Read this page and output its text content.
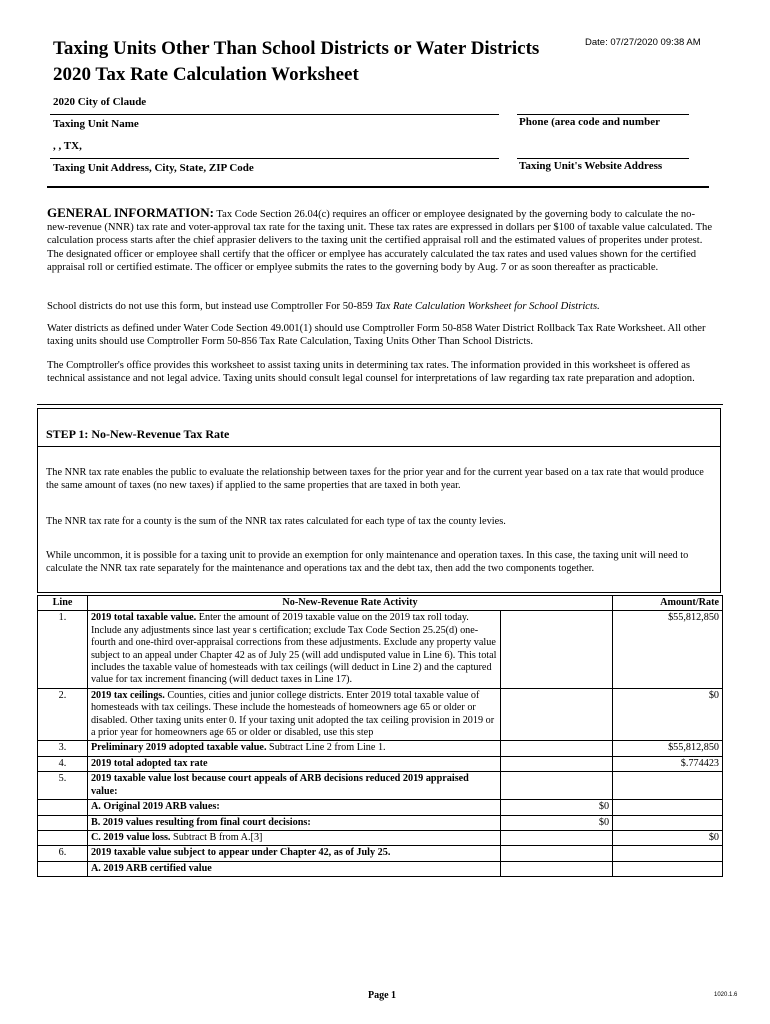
Taxing Units Other Than School Districts or Water Districts
2020 Tax Rate Calculation Worksheet
Date: 07/27/2020 09:38 AM
2020 City of Claude
Taxing Unit Name	Phone (area code and number
, , TX,
Taxing Unit Address, City, State, ZIP Code	Taxing Unit's Website Address
GENERAL INFORMATION: Tax Code Section 26.04(c) requires an officer or employee designated by the governing body to calculate the no-new-revenue (NNR) tax rate and voter-approval tax rate for the taxing unit. These tax rates are expressed in dollars per $100 of taxable value calculated. The calculation process starts after the chief apprasier delivers to the taxing unit the certified appraisal roll and the estimated values of properites under protest. The designated officer or employee shall certify that the officer or emplyee has accurately calculated the tax rates and used values shown for the certified appraisal roll or certified estimate. The officer or emplyee submits the rates to the governing body by Aug. 7 or as soon thereafter as practicable.
School districts do not use this form, but instead use Comptroller For 50-859 Tax Rate Calculation Worksheet for School Districts.
Water districts as defined under Water Code Section 49.001(1) should use Comptroller Form 50-858 Water District Rollback Tax Rate Worksheet. All other taxing units should use Comptroller Form 50-856 Tax Rate Calculation, Taxing Units Other Than School Districts.
The Comptroller's office provides this worksheet to assist taxing units in determining tax rates. The information provided in this worksheet is offered as technical assistance and not legal advice. Taxing units should consult legal counsel for interpretations of law regarding tax rate preparation and adoption.
STEP 1: No-New-Revenue Tax Rate
The NNR tax rate enables the public to evaluate the relationship between taxes for the prior year and for the current year based on a tax rate that would produce the same amount of taxes (no new taxes) if applied to the same properties that are taxed in both year.
The NNR tax rate for a county is the sum of the NNR tax rates calculated for each type of tax the county levies.
While uncommon, it is possible for a taxing unit to provide an exemption for only maintenance and operation taxes. In this case, the taxing unit will need to calculate the NNR tax rate separately for the maintenance and operations tax and the debt tax, then add the two components together.
Line	No-New-Revenue Rate Activity		Amount/Rate
1.	2019 total taxable value. Enter the amount of 2019 taxable value on the 2019 tax roll today. Include any adjustments since last year s certification; exclude Tax Code Section 25.25(d) one-fourth and one-third over-appraisal corrections from these adjustments. Exclude any property value subject to an appeal under Chapter 42 as of July 25 (will add undisputed value in Line 6). This total includes the taxable value of homesteads with tax ceilings (will deduct in Line 2) and the captured value for tax increment financing (will deduct taxes in Line 17).		$55,812,850
2.	2019 tax ceilings. Counties, cities and junior college districts. Enter 2019 total taxable value of homesteads with tax ceilings. These include the homesteads of homeowners age 65 or older or disabled. Other taxing units enter 0. If your taxing unit adopted the tax ceiling provision in 2019 or a prior year for homeowners age 65 or older or disabled, use this step		$0
3.	Preliminary 2019 adopted taxable value. Subtract Line 2 from Line 1.		$55,812,850
4.	2019 total adopted tax rate		$.774423
5.	2019 taxable value lost because court appeals of ARB decisions reduced 2019 appraised value:		
	A. Original 2019 ARB values:	$0	
	B. 2019 values resulting from final court decisions:	$0	
	C. 2019 value loss. Subtract B from A.[3]		$0
6.	2019 taxable value subject to appear under Chapter 42, as of July 25.		
	A. 2019 ARB certified value		
Page 1	1020.1.6
